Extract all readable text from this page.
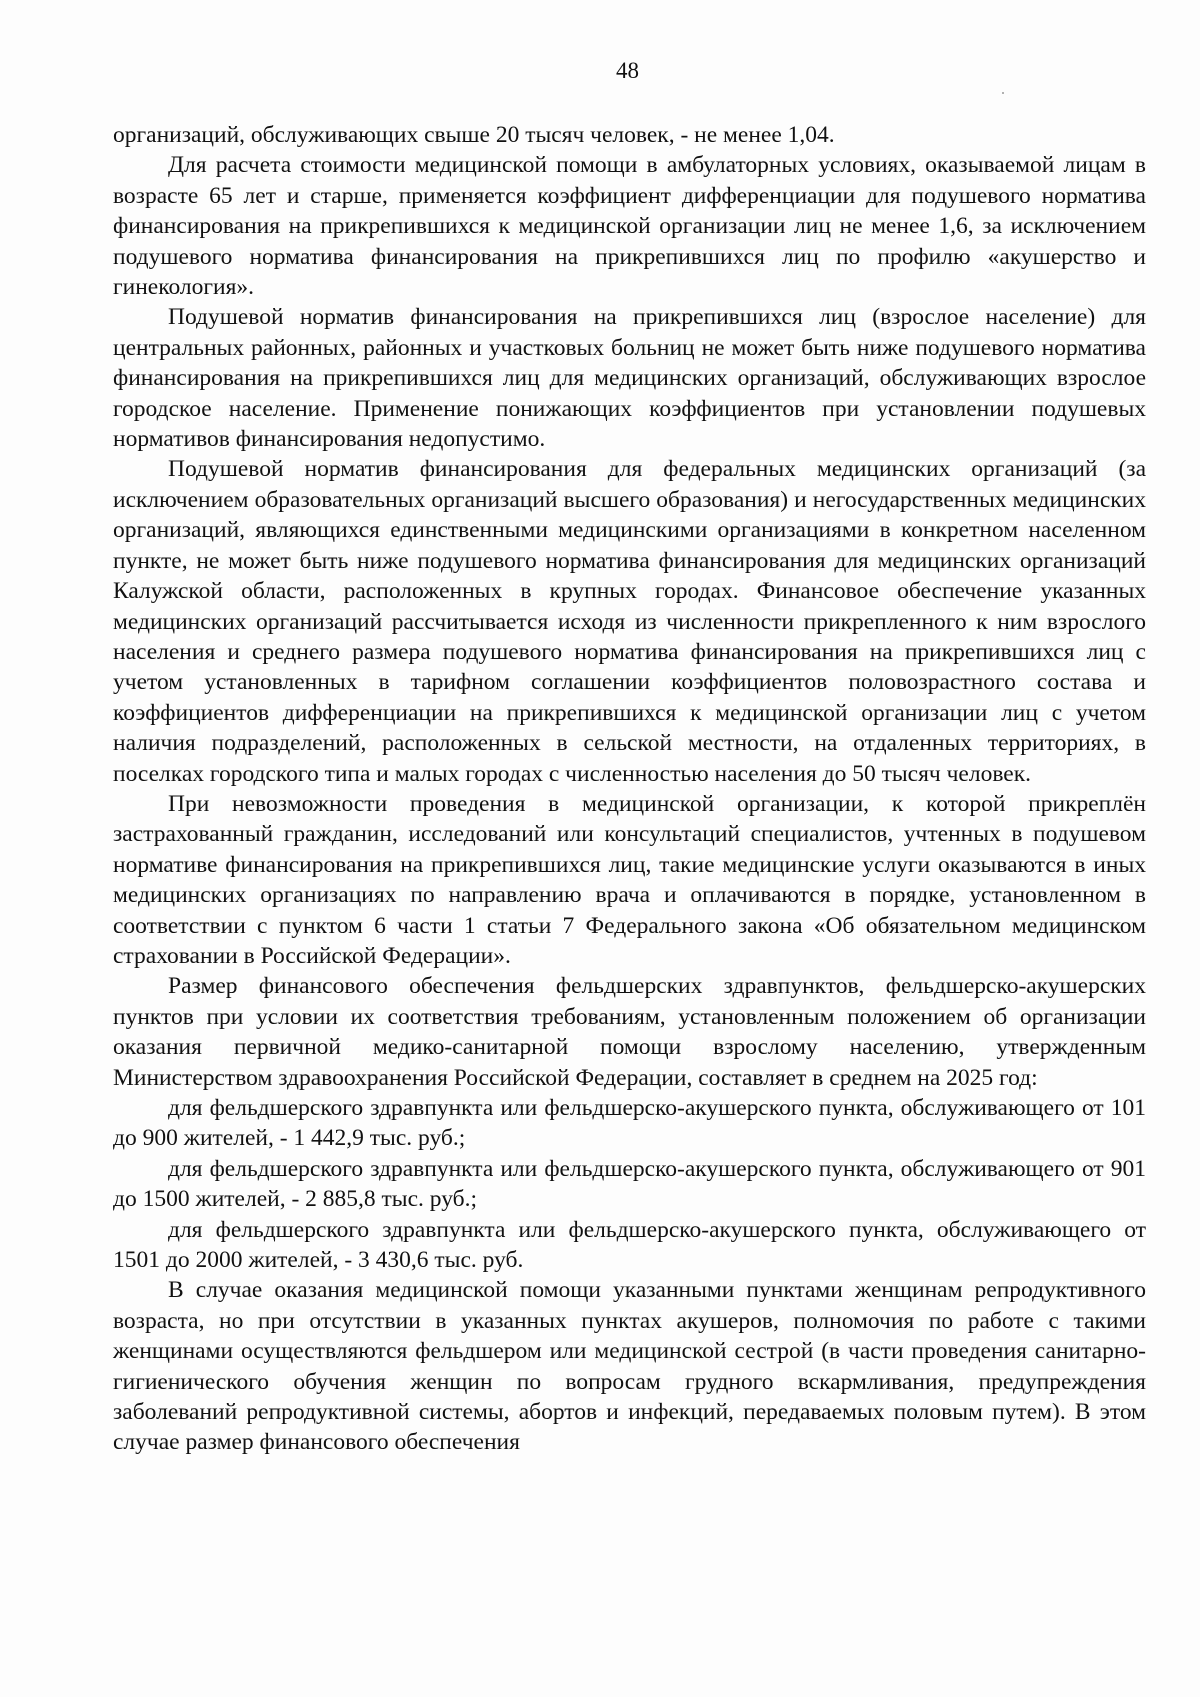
48

организаций, обслуживающих свыше 20 тысяч человек, - не менее 1,04.

Для расчета стоимости медицинской помощи в амбулаторных условиях, оказываемой лицам в возрасте 65 лет и старше, применяется коэффициент дифференциации для подушевого норматива финансирования на прикрепившихся к медицинской организации лиц не менее 1,6, за исключением подушевого норматива финансирования на прикрепившихся лиц по профилю «акушерство и гинекология».

Подушевой норматив финансирования на прикрепившихся лиц (взрослое население) для центральных районных, районных и участковых больниц не может быть ниже подушевого норматива финансирования на прикрепившихся лиц для медицинских организаций, обслуживающих взрослое городское население. Применение понижающих коэффициентов при установлении подушевых нормативов финансирования недопустимо.

Подушевой норматив финансирования для федеральных медицинских организаций (за исключением образовательных организаций высшего образования) и негосударственных медицинских организаций, являющихся единственными медицинскими организациями в конкретном населенном пункте, не может быть ниже подушевого норматива финансирования для медицинских организаций Калужской области, расположенных в крупных городах. Финансовое обеспечение указанных медицинских организаций рассчитывается исходя из численности прикрепленного к ним взрослого населения и среднего размера подушевого норматива финансирования на прикрепившихся лиц с учетом установленных в тарифном соглашении коэффициентов половозрастного состава и коэффициентов дифференциации на прикрепившихся к медицинской организации лиц с учетом наличия подразделений, расположенных в сельской местности, на отдаленных территориях, в поселках городского типа и малых городах с численностью населения до 50 тысяч человек.

При невозможности проведения в медицинской организации, к которой прикреплён застрахованный гражданин, исследований или консультаций специалистов, учтенных в подушевом нормативе финансирования на прикрепившихся лиц, такие медицинские услуги оказываются в иных медицинских организациях по направлению врача и оплачиваются в порядке, установленном в соответствии с пунктом 6 части 1 статьи 7 Федерального закона «Об обязательном медицинском страховании в Российской Федерации».

Размер финансового обеспечения фельдшерских здравпунктов, фельдшерско-акушерских пунктов при условии их соответствия требованиям, установленным положением об организации оказания первичной медико-санитарной помощи взрослому населению, утвержденным Министерством здравоохранения Российской Федерации, составляет в среднем на 2025 год:

для фельдшерского здравпункта или фельдшерско-акушерского пункта, обслуживающего от 101 до 900 жителей, - 1 442,9 тыс. руб.;

для фельдшерского здравпункта или фельдшерско-акушерского пункта, обслуживающего от 901 до 1500 жителей, - 2 885,8 тыс. руб.;

для фельдшерского здравпункта или фельдшерско-акушерского пункта, обслуживающего от 1501 до 2000 жителей, - 3 430,6 тыс. руб.

В случае оказания медицинской помощи указанными пунктами женщинам репродуктивного возраста, но при отсутствии в указанных пунктах акушеров, полномочия по работе с такими женщинами осуществляются фельдшером или медицинской сестрой (в части проведения санитарно-гигиенического обучения женщин по вопросам грудного вскармливания, предупреждения заболеваний репродуктивной системы, абортов и инфекций, передаваемых половым путем). В этом случае размер финансового обеспечения
